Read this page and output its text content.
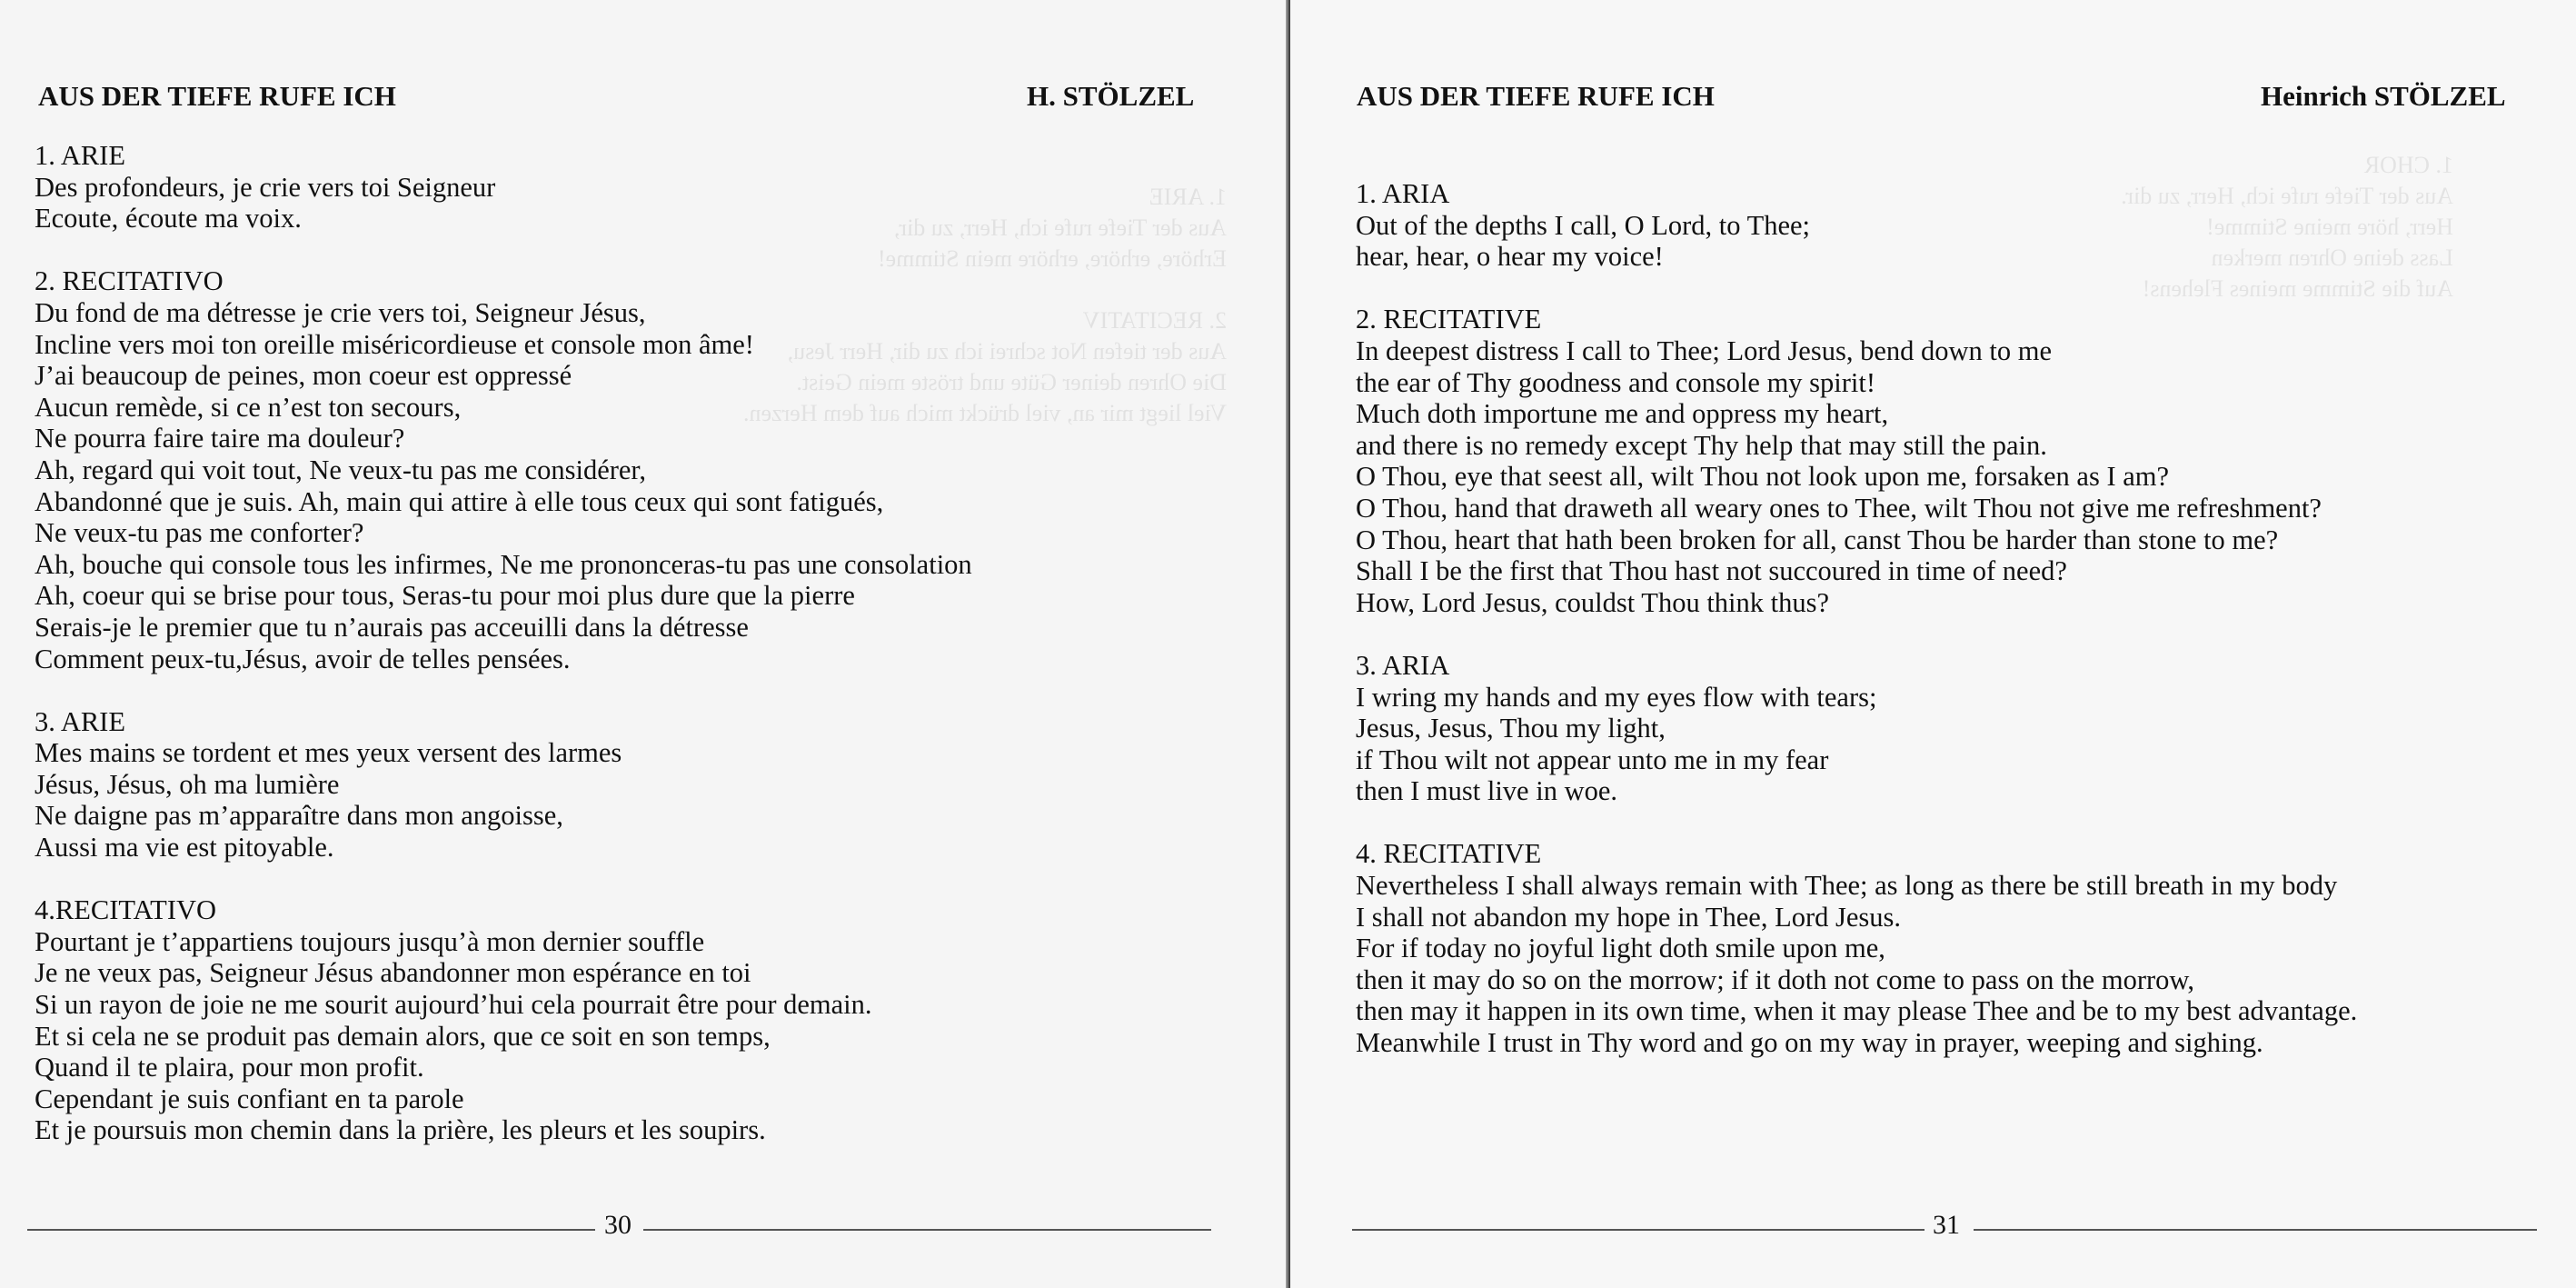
1. ARIE
Aus der Tiefe rufe ich, Herr, zu dir,
Erhöre, erhöre, erhöre mein Stimme!

2. RECITATIV
Aus der tiefen Not schrei ich zu dir, Herr Jesu,
Die Ohren deiner Güte und tröste mein Geist.
Viel liegt mir an, viel drückt mich auf dem Herzen.
AUS DER TIEFE RUFE ICH	H. STÖLZEL
1. ARIE
Des profondeurs, je crie vers toi Seigneur
Ecoute, écoute ma voix.
2. RECITATIVO
Du fond de ma détresse je crie vers toi, Seigneur Jésus,
Incline vers moi ton oreille miséricordieuse et console mon âme!
J’ai beaucoup de peines, mon coeur est oppressé
Aucun remède, si ce n’est ton secours,
Ne pourra faire taire ma douleur?
Ah, regard qui voit tout, Ne veux-tu pas me considérer,
Abandonné que je suis. Ah, main qui attire à elle tous ceux qui sont fatigués,
Ne veux-tu pas me conforter?
Ah, bouche qui console tous les infirmes, Ne me prononceras-tu pas une consolation
Ah, coeur qui se brise pour tous, Seras-tu pour moi plus dure que la pierre
Serais-je le premier que tu n’aurais pas acceuilli dans la détresse
Comment peux-tu,Jésus, avoir de telles pensées.
3. ARIE
Mes mains se tordent et mes yeux versent des larmes
Jésus, Jésus, oh ma lumière
Ne daigne pas m’apparaître dans mon angoisse,
Aussi ma vie est pitoyable.
4.RECITATIVO
Pourtant je t’appartiens toujours jusqu’à mon dernier souffle
Je ne veux pas, Seigneur Jésus abandonner mon espérance en toi
Si un rayon de joie ne me sourit aujourd’hui cela pourrait être pour demain.
Et si cela ne se produit pas demain alors, que ce soit en son temps,
Quand il te plaira, pour mon profit.
Cependant je suis confiant en ta parole
Et je poursuis mon chemin dans la prière, les pleurs et les soupirs.
30
1. CHOR
Aus der Tiefe rufe ich, Herr, zu dir.
Herr, höre meine Stimme!
Lass deine Ohren merken
Auf die Stimme meines Flehens!
AUS DER TIEFE RUFE ICH	Heinrich STÖLZEL
1. ARIA
Out of the depths I call, O Lord, to Thee;
hear, hear, o hear my voice!
2. RECITATIVE
In deepest distress I call to Thee; Lord Jesus, bend down to me
the ear of Thy goodness and console my spirit!
Much doth importune me and oppress my heart,
and there is no remedy except Thy help that may still the pain.
O Thou, eye that seest all, wilt Thou not look upon me, forsaken as I am?
O Thou, hand that draweth all weary ones to Thee, wilt Thou not give me refreshment?
O Thou, heart that hath been broken for all, canst Thou be harder than stone to me?
Shall I be the first that Thou hast not succoured in time of need?
How, Lord Jesus, couldst Thou think thus?
3. ARIA
I wring my hands and my eyes flow with tears;
Jesus, Jesus, Thou my light,
if Thou wilt not appear unto me in my fear
then I must live in woe.
4. RECITATIVE
Nevertheless I shall always remain with Thee; as long as there be still breath in my body
I shall not abandon my hope in Thee, Lord Jesus.
For if today no joyful light doth smile upon me,
then it may do so on the morrow; if it doth not come to pass on the morrow,
then may it happen in its own time, when it may please Thee and be to my best advantage.
Meanwhile I trust in Thy word and go on my way in prayer, weeping and sighing.
31
